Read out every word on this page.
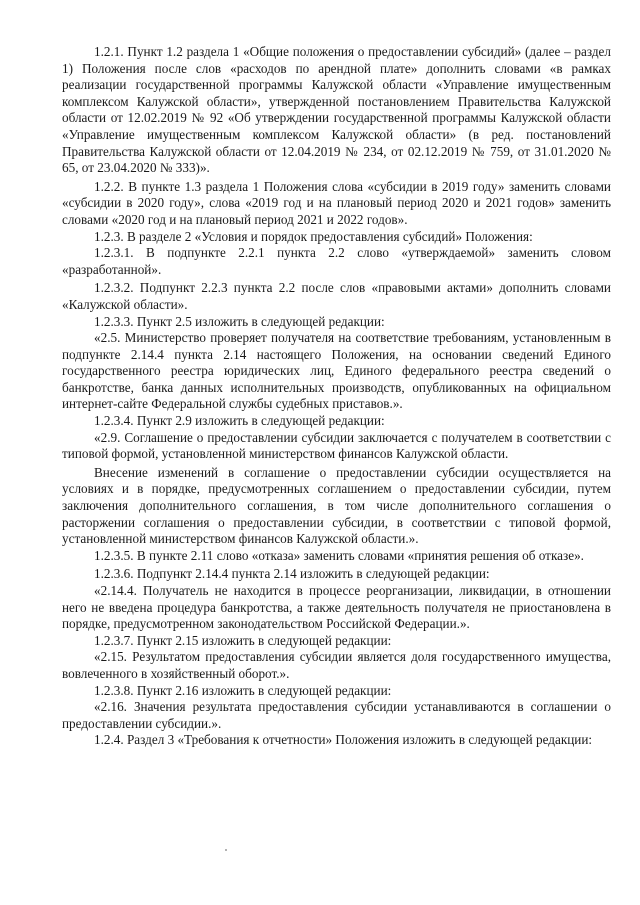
1.2.1. Пункт 1.2 раздела 1 «Общие положения о предоставлении субсидий» (далее – раздел 1) Положения после слов «расходов по арендной плате» дополнить словами «в рамках реализации государственной программы Калужской области «Управление имущественным комплексом Калужской области», утвержденной постановлением Правительства Калужской области от 12.02.2019 № 92 «Об утверждении государственной программы Калужской области «Управление имущественным комплексом Калужской области» (в ред. постановлений Правительства Калужской области от 12.04.2019 № 234, от 02.12.2019 № 759, от 31.01.2020 № 65, от 23.04.2020 № 333)».

1.2.2. В пункте 1.3 раздела 1 Положения слова «субсидии в 2019 году» заменить словами «субсидии в 2020 году», слова «2019 год и на плановый период 2020 и 2021 годов» заменить словами «2020 год и на плановый период 2021 и 2022 годов».

1.2.3. В разделе 2 «Условия и порядок предоставления субсидий» Положения:

1.2.3.1. В подпункте 2.2.1 пункта 2.2 слово «утверждаемой» заменить словом «разработанной».

1.2.3.2. Подпункт 2.2.3 пункта 2.2 после слов «правовыми актами» дополнить словами «Калужской области».

1.2.3.3. Пункт 2.5 изложить в следующей редакции:

«2.5. Министерство проверяет получателя на соответствие требованиям, установленным в подпункте 2.14.4 пункта 2.14 настоящего Положения, на основании сведений Единого государственного реестра юридических лиц, Единого федерального реестра сведений о банкротстве, банка данных исполнительных производств, опубликованных на официальном интернет-сайте Федеральной службы судебных приставов.».

1.2.3.4. Пункт 2.9 изложить в следующей редакции:

«2.9. Соглашение о предоставлении субсидии заключается с получателем в соответствии с типовой формой, установленной министерством финансов Калужской области.

Внесение изменений в соглашение о предоставлении субсидии осуществляется на условиях и в порядке, предусмотренных соглашением о предоставлении субсидии, путем заключения дополнительного соглашения, в том числе дополнительного соглашения о расторжении соглашения о предоставлении субсидии, в соответствии с типовой формой, установленной министерством финансов Калужской области.».

1.2.3.5. В пункте 2.11 слово «отказа» заменить словами «принятия решения об отказе».

1.2.3.6. Подпункт 2.14.4 пункта 2.14 изложить в следующей редакции:

«2.14.4. Получатель не находится в процессе реорганизации, ликвидации, в отношении него не введена процедура банкротства, а также деятельность получателя не приостановлена в порядке, предусмотренном законодательством Российской Федерации.».

1.2.3.7. Пункт 2.15 изложить в следующей редакции:

«2.15. Результатом предоставления субсидии является доля государственного имущества, вовлеченного в хозяйственный оборот.».

1.2.3.8. Пункт 2.16 изложить в следующей редакции:

«2.16. Значения результата предоставления субсидии устанавливаются в соглашении о предоставлении субсидии.».

1.2.4. Раздел 3 «Требования к отчетности» Положения изложить в следующей редакции:
